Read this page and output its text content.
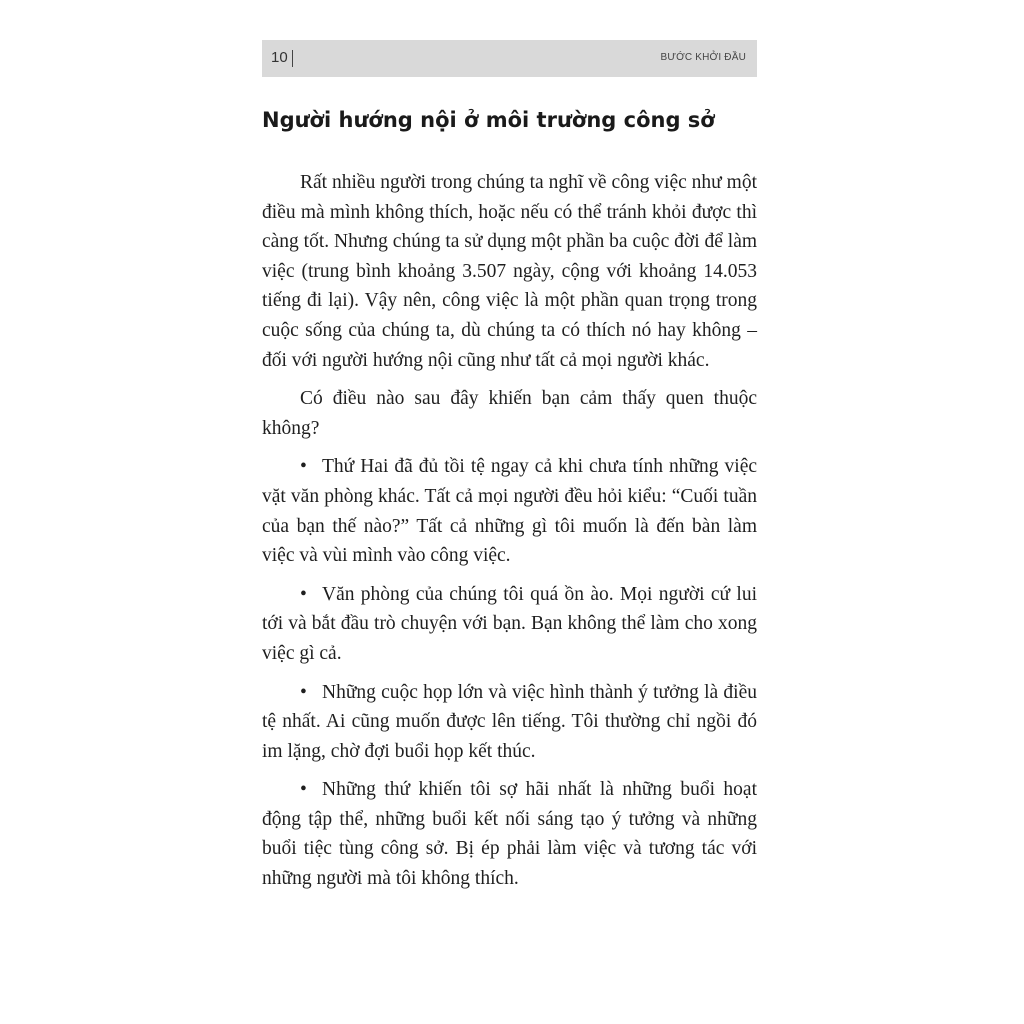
10	BƯỚC KHỞI ĐẦU
Người hướng nội ở môi trường công sở

Rất nhiều người trong chúng ta nghĩ về công việc như một điều mà mình không thích, hoặc nếu có thể tránh khỏi được thì càng tốt. Nhưng chúng ta sử dụng một phần ba cuộc đời để làm việc (trung bình khoảng 3.507 ngày, cộng với khoảng 14.053 tiếng đi lại). Vậy nên, công việc là một phần quan trọng trong cuộc sống của chúng ta, dù chúng ta có thích nó hay không – đối với người hướng nội cũng như tất cả mọi người khác.

Có điều nào sau đây khiến bạn cảm thấy quen thuộc không?

• Thứ Hai đã đủ tồi tệ ngay cả khi chưa tính những việc vặt văn phòng khác. Tất cả mọi người đều hỏi kiểu: “Cuối tuần của bạn thế nào?” Tất cả những gì tôi muốn là đến bàn làm việc và vùi mình vào công việc.
• Văn phòng của chúng tôi quá ồn ào. Mọi người cứ lui tới và bắt đầu trò chuyện với bạn. Bạn không thể làm cho xong việc gì cả.
• Những cuộc họp lớn và việc hình thành ý tưởng là điều tệ nhất. Ai cũng muốn được lên tiếng. Tôi thường chỉ ngồi đó im lặng, chờ đợi buổi họp kết thúc.
• Những thứ khiến tôi sợ hãi nhất là những buổi hoạt động tập thể, những buổi kết nối sáng tạo ý tưởng và những buổi tiệc tùng công sở. Bị ép phải làm việc và tương tác với những người mà tôi không thích.
